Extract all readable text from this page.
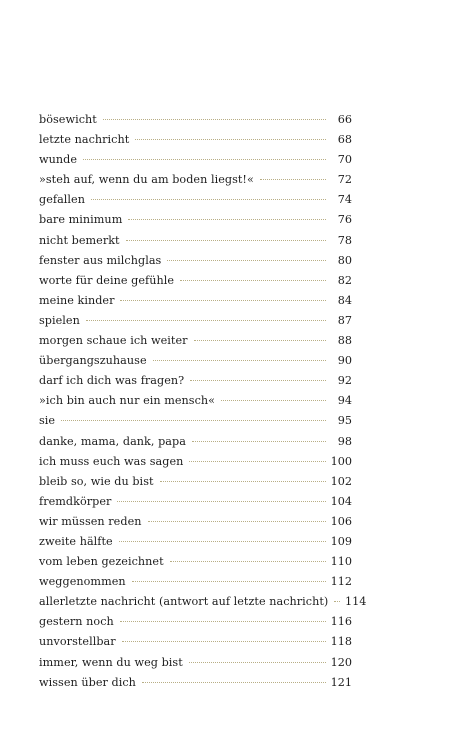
bösewicht	66
letzte nachricht	68
wunde	70
»steh auf, wenn du am boden liegst!«	72
gefallen	74
bare minimum	76
nicht bemerkt	78
fenster aus milchglas	80
worte für deine gefühle	82
meine kinder	84
spielen	87
morgen schaue ich weiter	88
übergangszuhause	90
darf ich dich was fragen?	92
»ich bin auch nur ein mensch«	94
sie	95
danke, mama, dank, papa	98
ich muss euch was sagen	100
bleib so, wie du bist	102
fremdkörper	104
wir müssen reden	106
zweite hälfte	109
vom leben gezeichnet	110
weggenommen	112
allerletzte nachricht (antwort auf letzte nachricht) 114
gestern noch	116
unvorstellbar	118
immer, wenn du weg bist	120
wissen über dich	121
